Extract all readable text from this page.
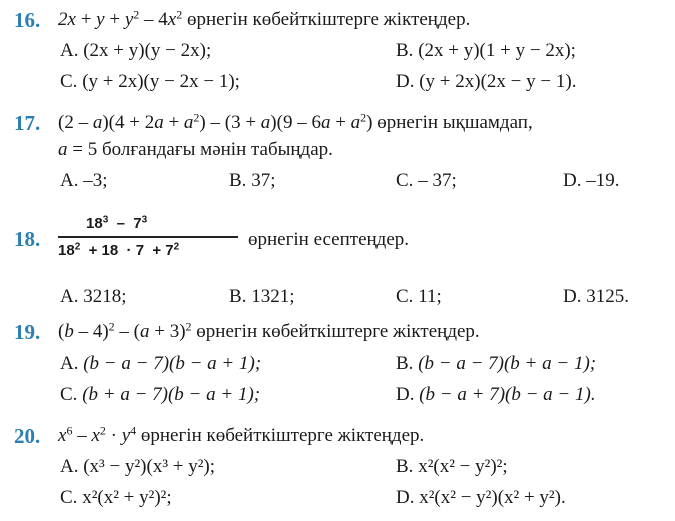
16. $2x + y + y^2 - 4x^2$ өрнегін көбейткіштерге жіктеңдер.
A. (2x + y)(y − 2x);	B. (2x + y)(1 + y − 2x);
C. (y + 2x)(y − 2x − 1);	D. (y + 2x)(2x − y − 1).
17. $(2 - a)(4 + 2a + a^2) - (3 + a)(9 - 6a + a^2)$ өрнегін ықшамдап,
a = 5 болғандағы мәнін табыңдар.
A. –3;	B. 37;	C. – 37;	D. –19.
18.
$18^3 - 7^3$
$18^2 + 18 \cdot 7 + 7^2$	өрнегін есептеңдер.
A. 3218;	B. 1321;	C. 11;	D. 3125.
19. $(b - 4)^2 - (a + 3)^2$ өрнегін көбейткіштерге жіктеңдер.
A. (b − a − 7)(b − a + 1);	B. (b − a − 7)(b + a − 1);
C. (b + a − 7)(b − a + 1);	D. (b − a + 7)(b − a − 1).
20. $x^6 - x^2 \cdot y^4$ өрнегін көбейткіштерге жіктеңдер.
A. (x³ − y²)(x³ + y²);	B. x²(x² − y²)²;
C. x²(x² + y²)²;	D. x²(x² − y²)(x² + y²).
